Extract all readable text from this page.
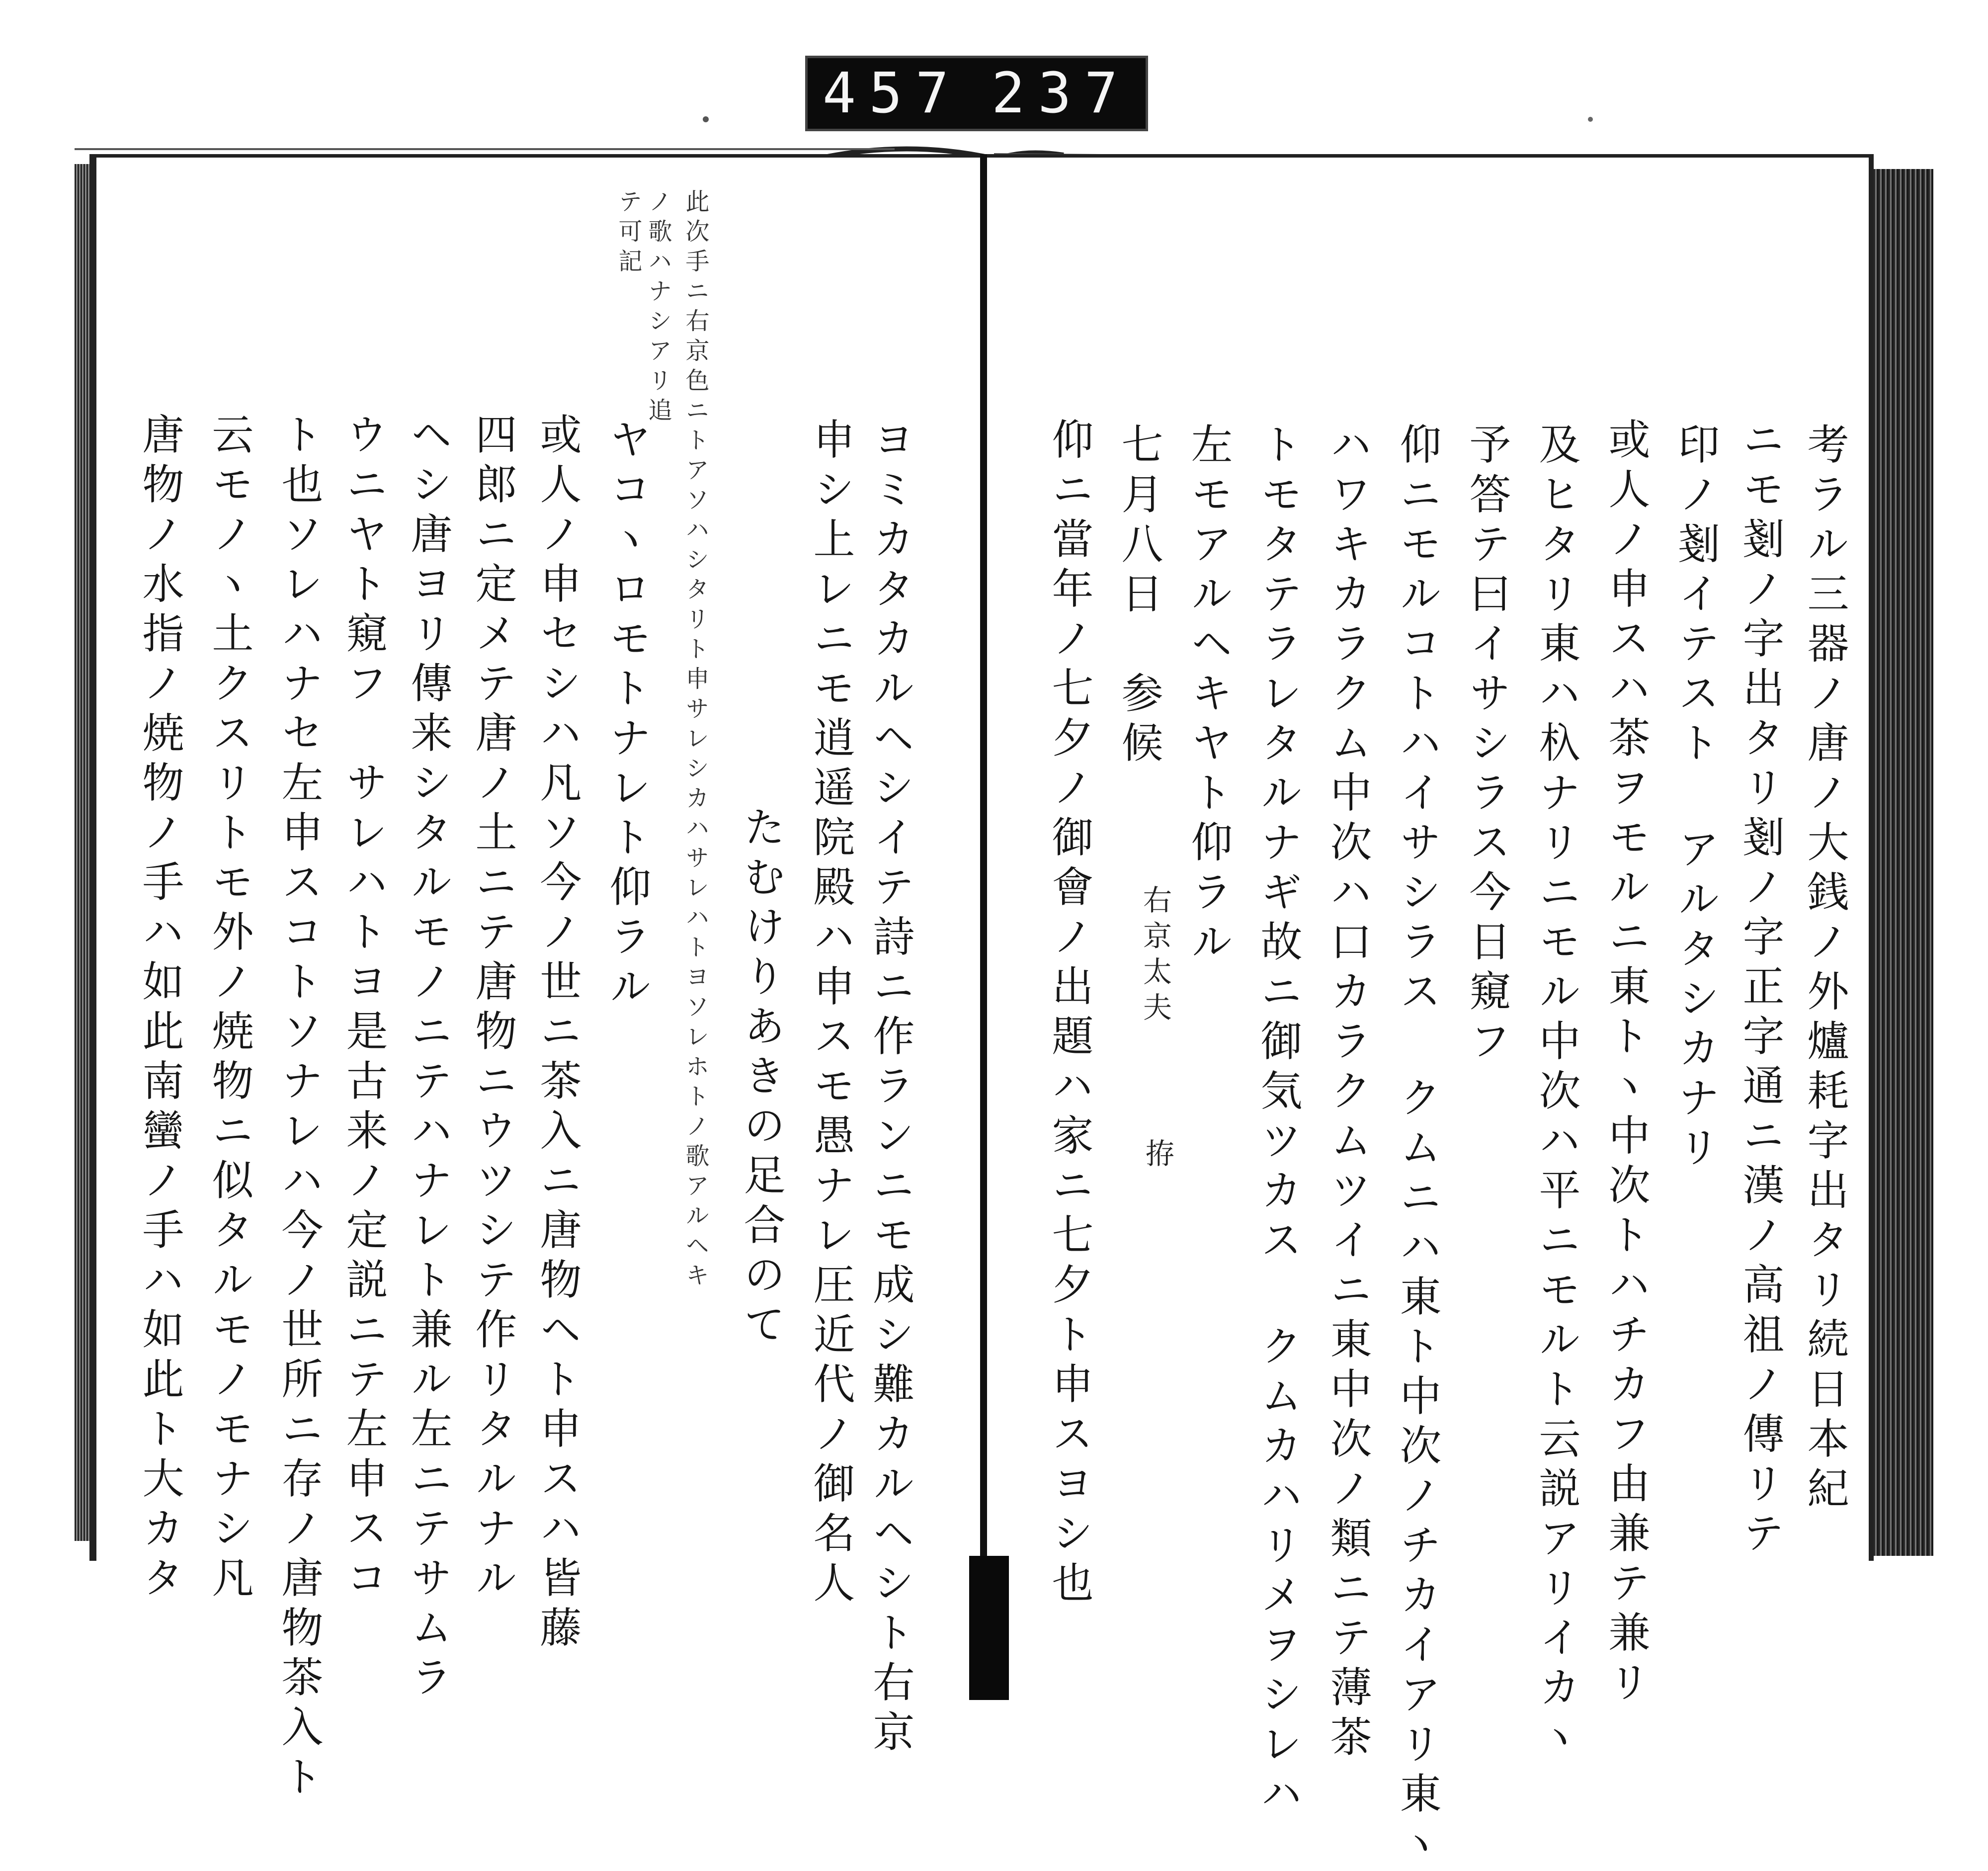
457 237
考ラル三器ノ唐ノ大銭ノ外爐耗字出タリ続日本紀
ニモ剗ノ字出タリ剗ノ字正字通ニ漢ノ高祖ノ傳リテ
印ノ剗イテスト アルタシカナリ
或人ノ申スハ茶ヲモルニ東トヽ中次トハチカフ由兼テ兼リ
及ヒタリ東ハ杁ナリニモル中次ハ平ニモルト云説アリイカヽ
予答テ曰イサシラス今日窺フ
仰ニモルコトハイサシラス クムニハ東ト中次ノチカイアリ東ヽ
ハワキカラクム中次ハ口カラクムツイニ東中次ノ類ニテ薄茶
トモタテラレタルナギ故ニ御気ツカス クムカハリメヲシレハ
左モアルヘキヤト仰ラル
七月八日　参候
仰ニ當年ノ七夕ノ御會ノ出題ハ家ニ七夕ト申スヨシ也 右京太夫
拵
ヨミカタカルヘシイテ詩ニ作ランニモ成シ難カルヘシト右京
申シ上レニモ逍遥院殿ハ申スモ愚ナレ圧近代ノ御名人
たむけりあきの足合のて
ヤコヽロモトナレト仰ラル
或人ノ申セシハ凡ソ今ノ世ニ茶入ニ唐物ヘト申スハ皆藤
四郎ニ定メテ唐ノ土ニテ唐物ニウツシテ作リタルナル
ヘシ唐ヨリ傳来シタルモノニテハナレト兼ル左ニテサムラ
ウニヤト窺フ　サレハトヨ是古来ノ定説ニテ左申スコ
ト也ソレハナセ左申スコトソナレハ今ノ世所ニ存ノ唐物茶入ト
云モノヽ土クスリトモ外ノ焼物ニ似タルモノモナシ凡
唐物ノ水指ノ焼物ノ手ハ如此南蠻ノ手ハ如此ト大カタ	此次手ニ右京色ニトアソハシタリト申サレシカハサレハトヨソレホトノ歌アルヘキ
ノ歌ハナシアリ追
テ可記
